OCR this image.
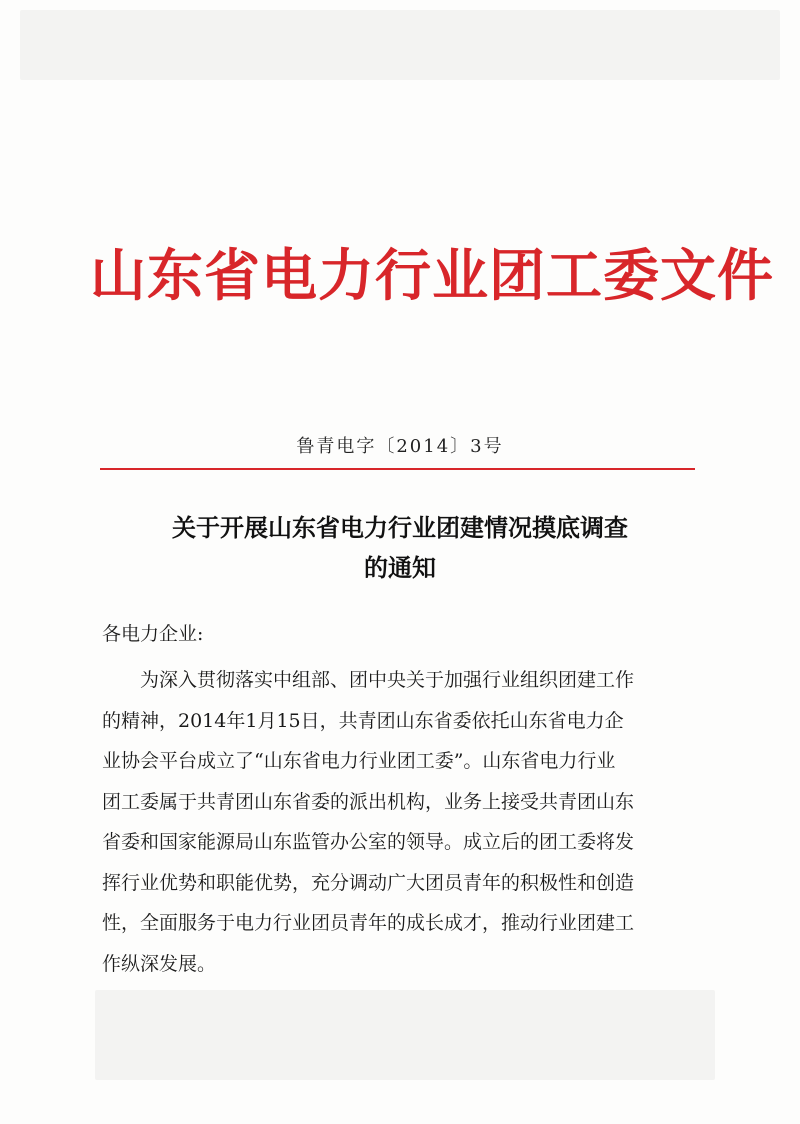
山东省电力行业团工委文件
鲁青电字〔2014〕3号
关于开展山东省电力行业团建情况摸底调查
的通知
各电力企业:
为深入贯彻落实中组部、团中央关于加强行业组织团建工作
的精神，2014年1月15日，共青团山东省委依托山东省电力企
业协会平台成立了“山东省电力行业团工委”。山东省电力行业
团工委属于共青团山东省委的派出机构，业务上接受共青团山东
省委和国家能源局山东监管办公室的领导。成立后的团工委将发
挥行业优势和职能优势，充分调动广大团员青年的积极性和创造
性，全面服务于电力行业团员青年的成长成才，推动行业团建工
作纵深发展。
